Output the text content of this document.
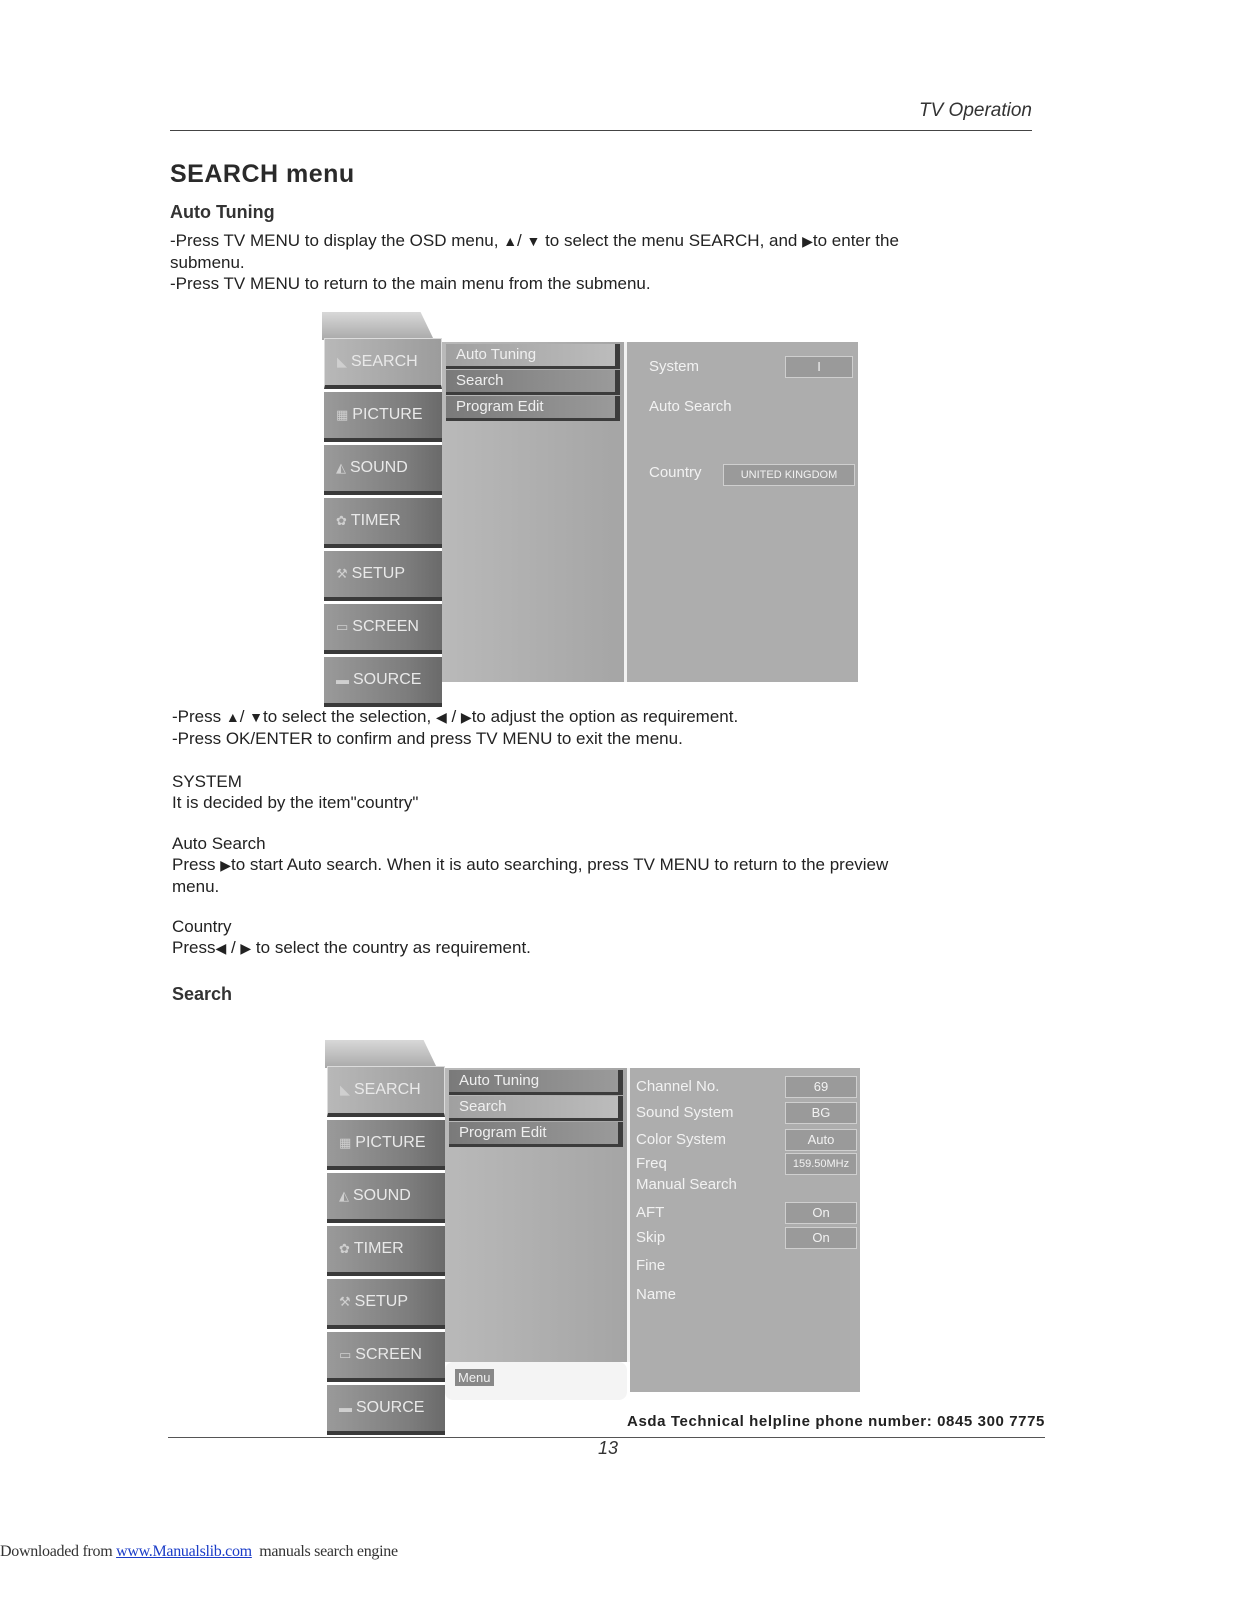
TV Operation
SEARCH menu
Auto Tuning
-Press TV MENU to display the OSD menu, ▲/ ▼ to select the menu SEARCH, and ▶to enter the
submenu.
-Press TV MENU to return to the main menu from the submenu.
◣ SEARCH
▦ PICTURE
◭ SOUND
✿ TIMER
⚒ SETUP
▭ SCREEN
▬ SOURCE
Auto Tuning
Search
Program Edit
System	I
Auto Search
Country	UNITED KINGDOM
-Press ▲/ ▼to select the selection, ◀ / ▶to adjust the option as requirement.
-Press OK/ENTER to confirm and press TV MENU to exit the menu.
SYSTEM
It is decided by the item"country"
Auto Search
Press ▶to start Auto search. When it is auto searching, press TV MENU to return to the preview
menu.
Country
Press◀ / ▶ to select the country as requirement.
Search
◣ SEARCH
▦ PICTURE
◭ SOUND
✿ TIMER
⚒ SETUP
▭ SCREEN
▬ SOURCE
Auto Tuning
Search
Program Edit
Menu
Channel No.	69
Sound System	BG
Color System	Auto
Freq	159.50MHz
Manual Search
AFT	On
Skip	On
Fine
Name
Asda Technical helpline phone number: 0845 300 7775
13
Downloaded from www.Manualslib.com  manuals search engine
